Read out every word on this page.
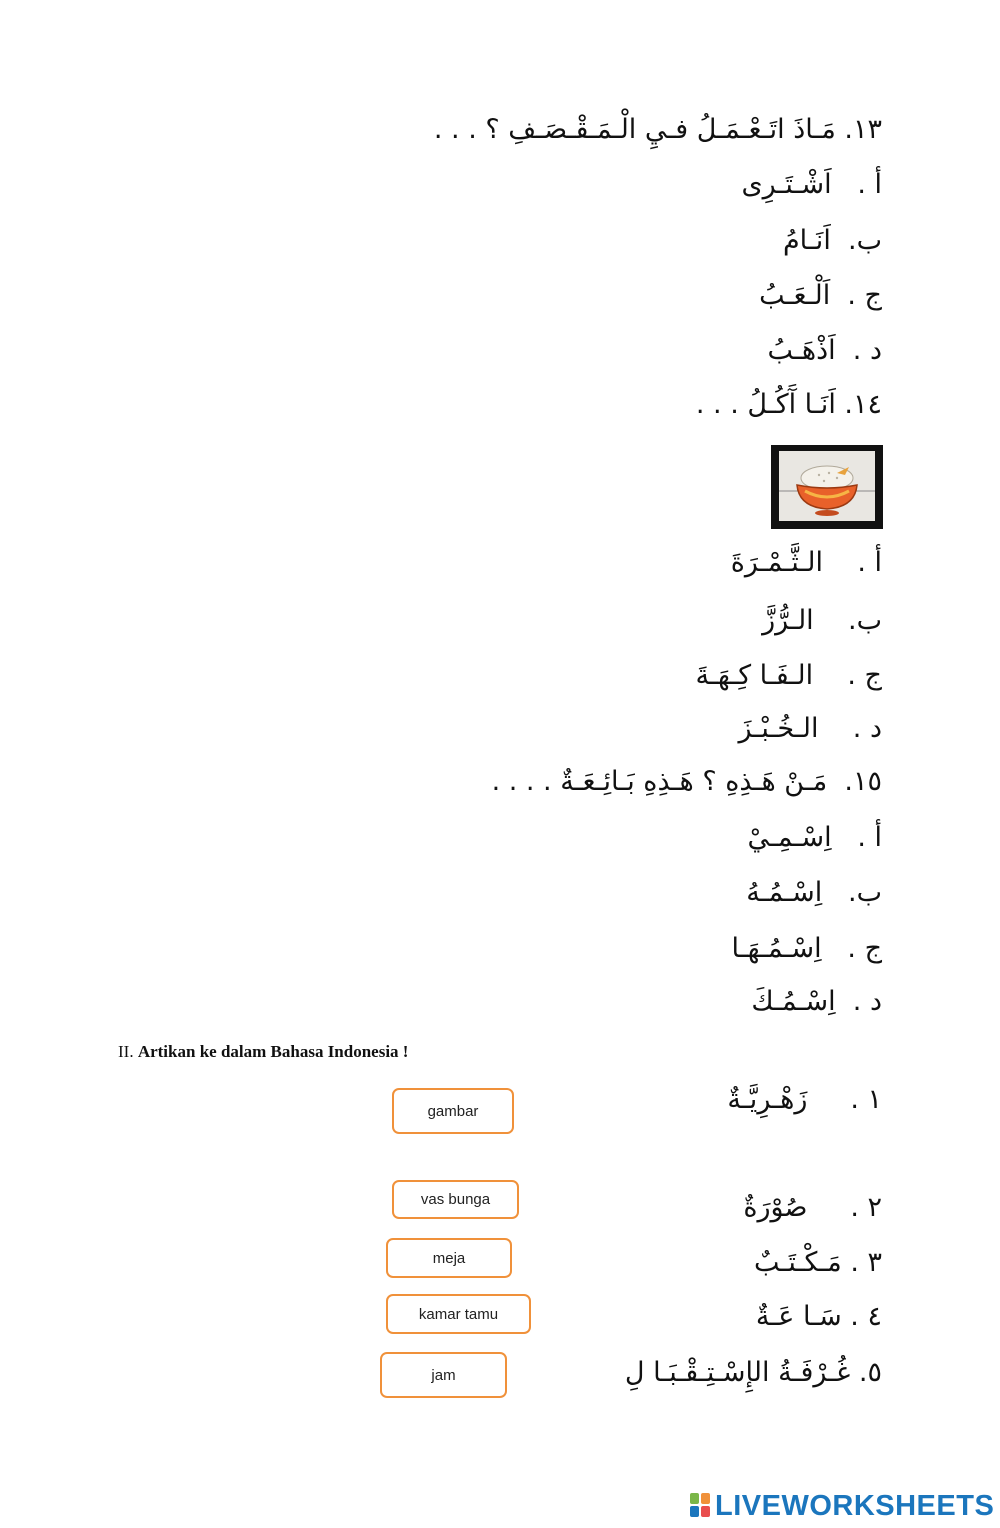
١٣. مَـاذَ اتَـعْـمَـلُ فـيِ الْـمَـقْـصَـفِ ؟ . . .
أ .   اَشْـتَـرِى
ب.  اَنَـامُ
ج .  اَلْـعَـبُ
د .  اَذْهَـبُ
١٤. اَنَـا آَكُـلُ . . .
أ .    الـثَّـمْـرَةَ
ب.    الـرُّزَّ
ج .    الـفَـا كِـهَـةَ
د .    الـخُـبْـزَ
١٥.  مَـنْ هَـذِهِ ؟ هَـذِهِ بَـائِـعَـةٌ . . . .
أ .   اِسْـمِـيْ
ب.   اِسْـمُـهُ
ج .   اِسْـمُـهَـا
د .  اِسْـمُـكَ
II. Artikan ke dalam Bahasa Indonesia !
١ .     زَهْـرِيَّـةٌ
٢ .     صُوْرَةٌ
٣ . مَـكْـتَـبٌ
٤ . سَـا عَـةٌ
٥. غُـرْفَـةُ الإِسْـتِـقْـبَـا لِ
gambar
vas bunga
meja
kamar tamu
jam
LIVEWORKSHEETS
